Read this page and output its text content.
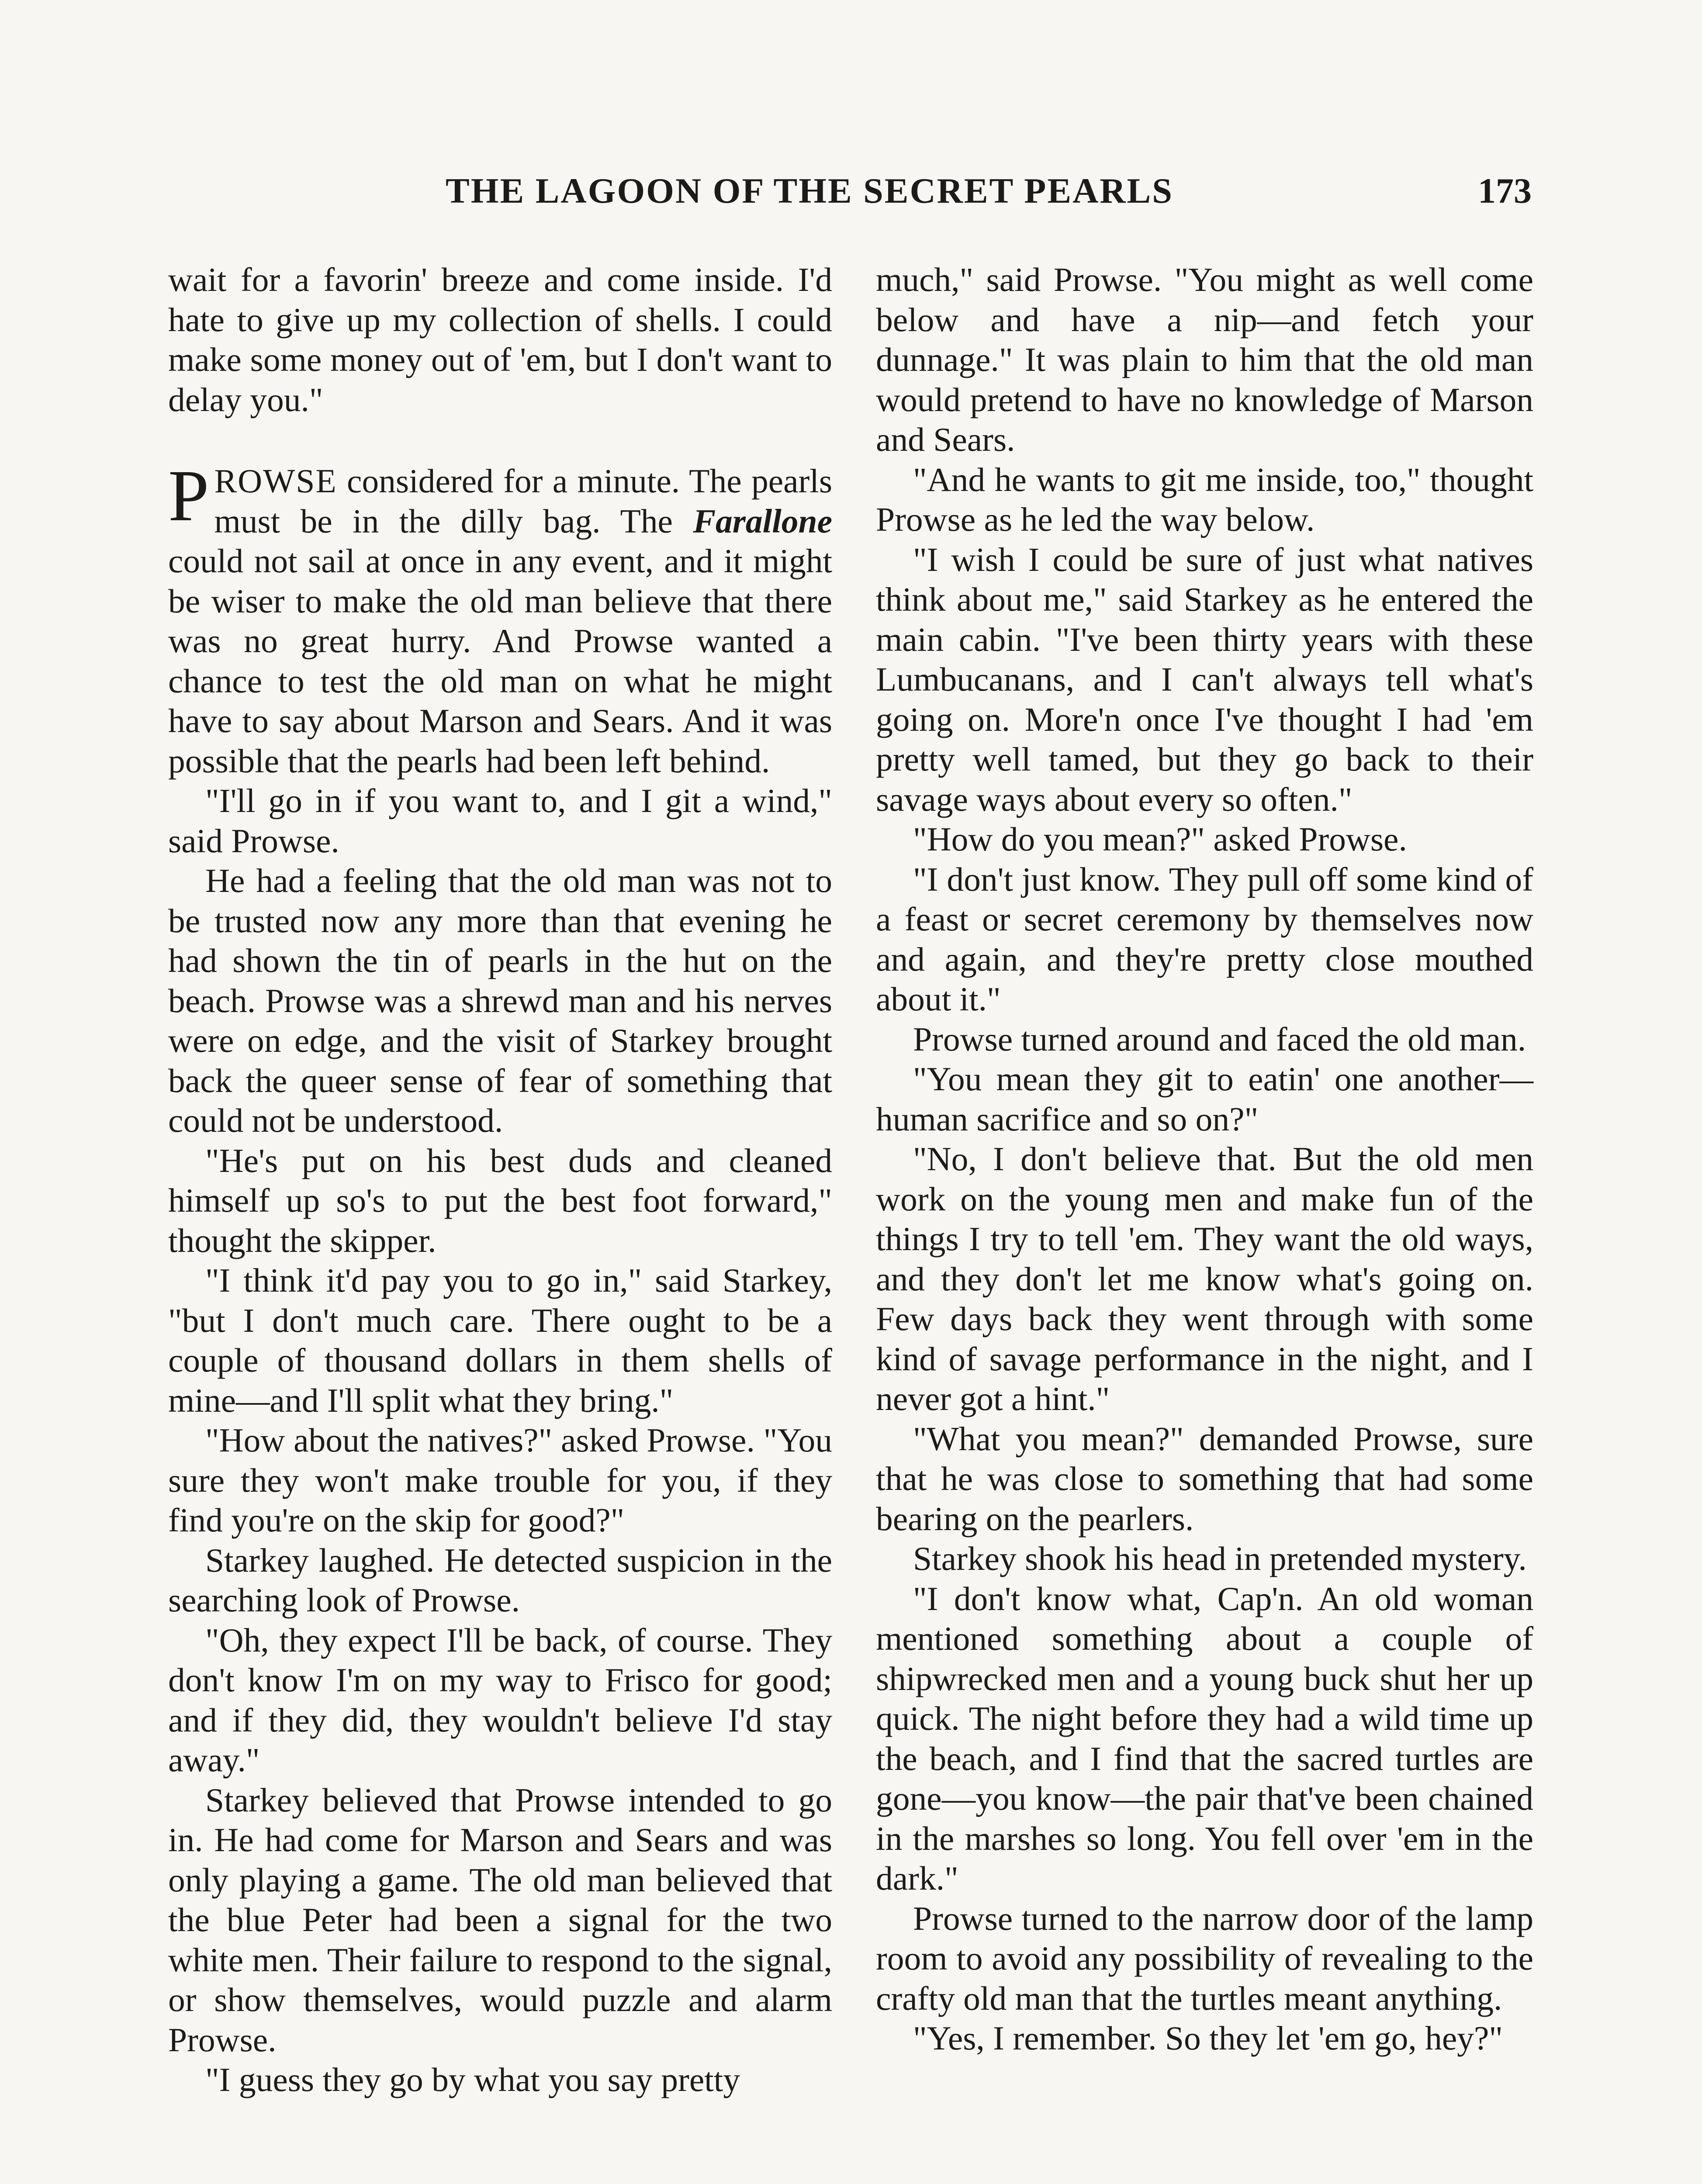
THE LAGOON OF THE SECRET PEARLS	173

wait for a favorin' breeze and come inside. I'd hate to give up my collection of shells. I could make some money out of 'em, but I don't want to delay you."

PROWSE considered for a minute. The pearls must be in the dilly bag. The Farallone could not sail at once in any event, and it might be wiser to make the old man believe that there was no great hurry. And Prowse wanted a chance to test the old man on what he might have to say about Marson and Sears. And it was possible that the pearls had been left behind.

"I'll go in if you want to, and I git a wind," said Prowse.

He had a feeling that the old man was not to be trusted now any more than that evening he had shown the tin of pearls in the hut on the beach. Prowse was a shrewd man and his nerves were on edge, and the visit of Starkey brought back the queer sense of fear of something that could not be understood.

"He's put on his best duds and cleaned himself up so's to put the best foot forward," thought the skipper.

"I think it'd pay you to go in," said Starkey, "but I don't much care. There ought to be a couple of thousand dollars in them shells of mine—and I'll split what they bring."

"How about the natives?" asked Prowse. "You sure they won't make trouble for you, if they find you're on the skip for good?"

Starkey laughed. He detected suspicion in the searching look of Prowse.

"Oh, they expect I'll be back, of course. They don't know I'm on my way to Frisco for good; and if they did, they wouldn't believe I'd stay away."

Starkey believed that Prowse intended to go in. He had come for Marson and Sears and was only playing a game. The old man believed that the blue Peter had been a signal for the two white men. Their failure to respond to the signal, or show themselves, would puzzle and alarm Prowse.

"I guess they go by what you say pretty

much," said Prowse. "You might as well come below and have a nip—and fetch your dunnage." It was plain to him that the old man would pretend to have no knowledge of Marson and Sears.

"And he wants to git me inside, too," thought Prowse as he led the way below.

"I wish I could be sure of just what natives think about me," said Starkey as he entered the main cabin. "I've been thirty years with these Lumbucanans, and I can't always tell what's going on. More'n once I've thought I had 'em pretty well tamed, but they go back to their savage ways about every so often."

"How do you mean?" asked Prowse.

"I don't just know. They pull off some kind of a feast or secret ceremony by themselves now and again, and they're pretty close mouthed about it."

Prowse turned around and faced the old man.

"You mean they git to eatin' one another—human sacrifice and so on?"

"No, I don't believe that. But the old men work on the young men and make fun of the things I try to tell 'em. They want the old ways, and they don't let me know what's going on. Few days back they went through with some kind of savage performance in the night, and I never got a hint."

"What you mean?" demanded Prowse, sure that he was close to something that had some bearing on the pearlers.

Starkey shook his head in pretended mystery.

"I don't know what, Cap'n. An old woman mentioned something about a couple of shipwrecked men and a young buck shut her up quick. The night before they had a wild time up the beach, and I find that the sacred turtles are gone—you know—the pair that've been chained in the marshes so long. You fell over 'em in the dark."

Prowse turned to the narrow door of the lamp room to avoid any possibility of revealing to the crafty old man that the turtles meant anything.

"Yes, I remember. So they let 'em go, hey?"
